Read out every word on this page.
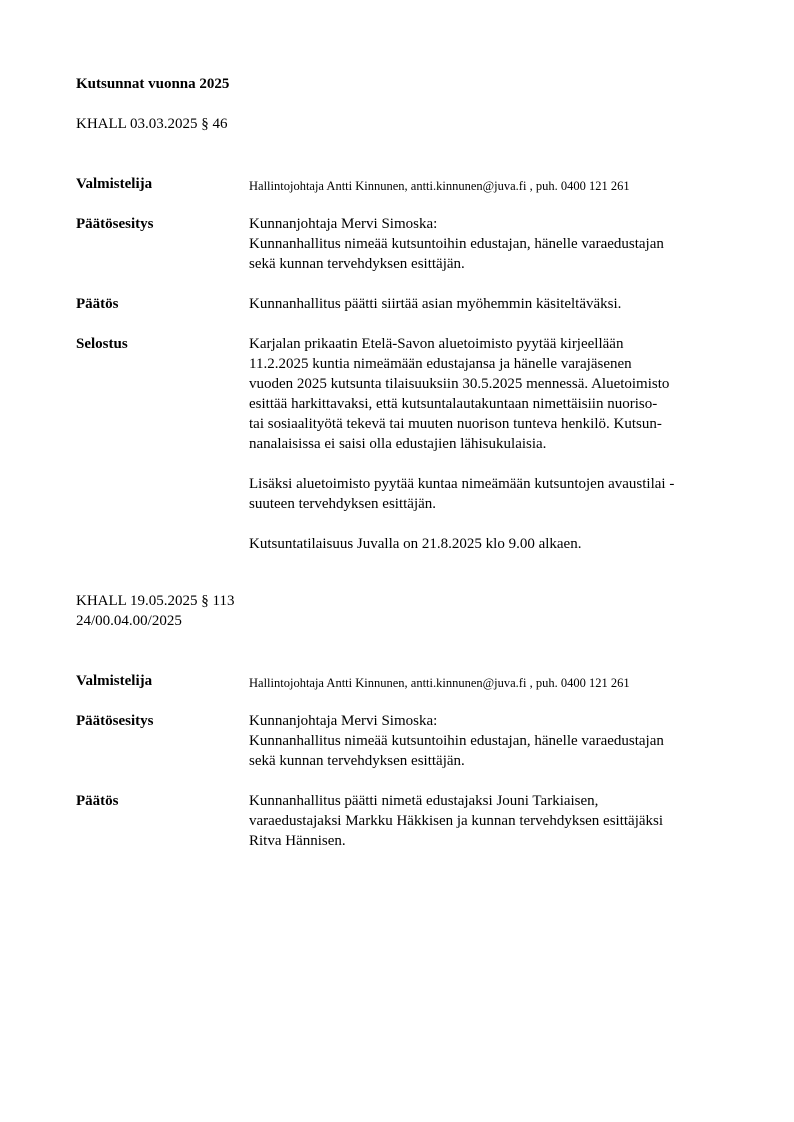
Kutsunnat vuonna 2025
KHALL 03.03.2025 § 46
Valmistelija	Hallintojohtaja Antti Kinnunen, antti.kinnunen@juva.fi , puh. 0400 121 261
Päätösesitys	Kunnanjohtaja Mervi Simoska:
Kunnanhallitus nimeää kutsuntoihin edustajan, hänelle varaedustajan
sekä kunnan tervehdyksen esittäjän.
Päätös	Kunnanhallitus päätti siirtää asian myöhemmin käsiteltäväksi.
Selostus	Karjalan prikaatin Etelä-Savon aluetoimisto pyytää kirjeellään
11.2.2025 kuntia nimeämään edustajansa ja hänelle varajäsenen
vuoden 2025 kutsunta tilaisuuksiin 30.5.2025 mennessä. Aluetoimisto
esittää harkittavaksi, että kutsuntalautakuntaan nimettäisiin nuoriso-
tai sosiaalityötä tekevä tai muuten nuorison tunteva henkilö. Kutsun-
nanalaisissa ei saisi olla edustajien lähisukulaisia.
Lisäksi aluetoimisto pyytää kuntaa nimeämään kutsuntojen avaustilai -
suuteen tervehdyksen esittäjän.
Kutsuntatilaisuus Juvalla on 21.8.2025 klo 9.00 alkaen.
KHALL 19.05.2025 § 113
24/00.04.00/2025
Valmistelija	Hallintojohtaja Antti Kinnunen, antti.kinnunen@juva.fi , puh. 0400 121 261
Päätösesitys	Kunnanjohtaja Mervi Simoska:
Kunnanhallitus nimeää kutsuntoihin edustajan, hänelle varaedustajan
sekä kunnan tervehdyksen esittäjän.
Päätös	Kunnanhallitus päätti nimetä edustajaksi Jouni Tarkiaisen,
varaedustajaksi Markku Häkkisen ja kunnan tervehdyksen esittäjäksi
Ritva Hännisen.
